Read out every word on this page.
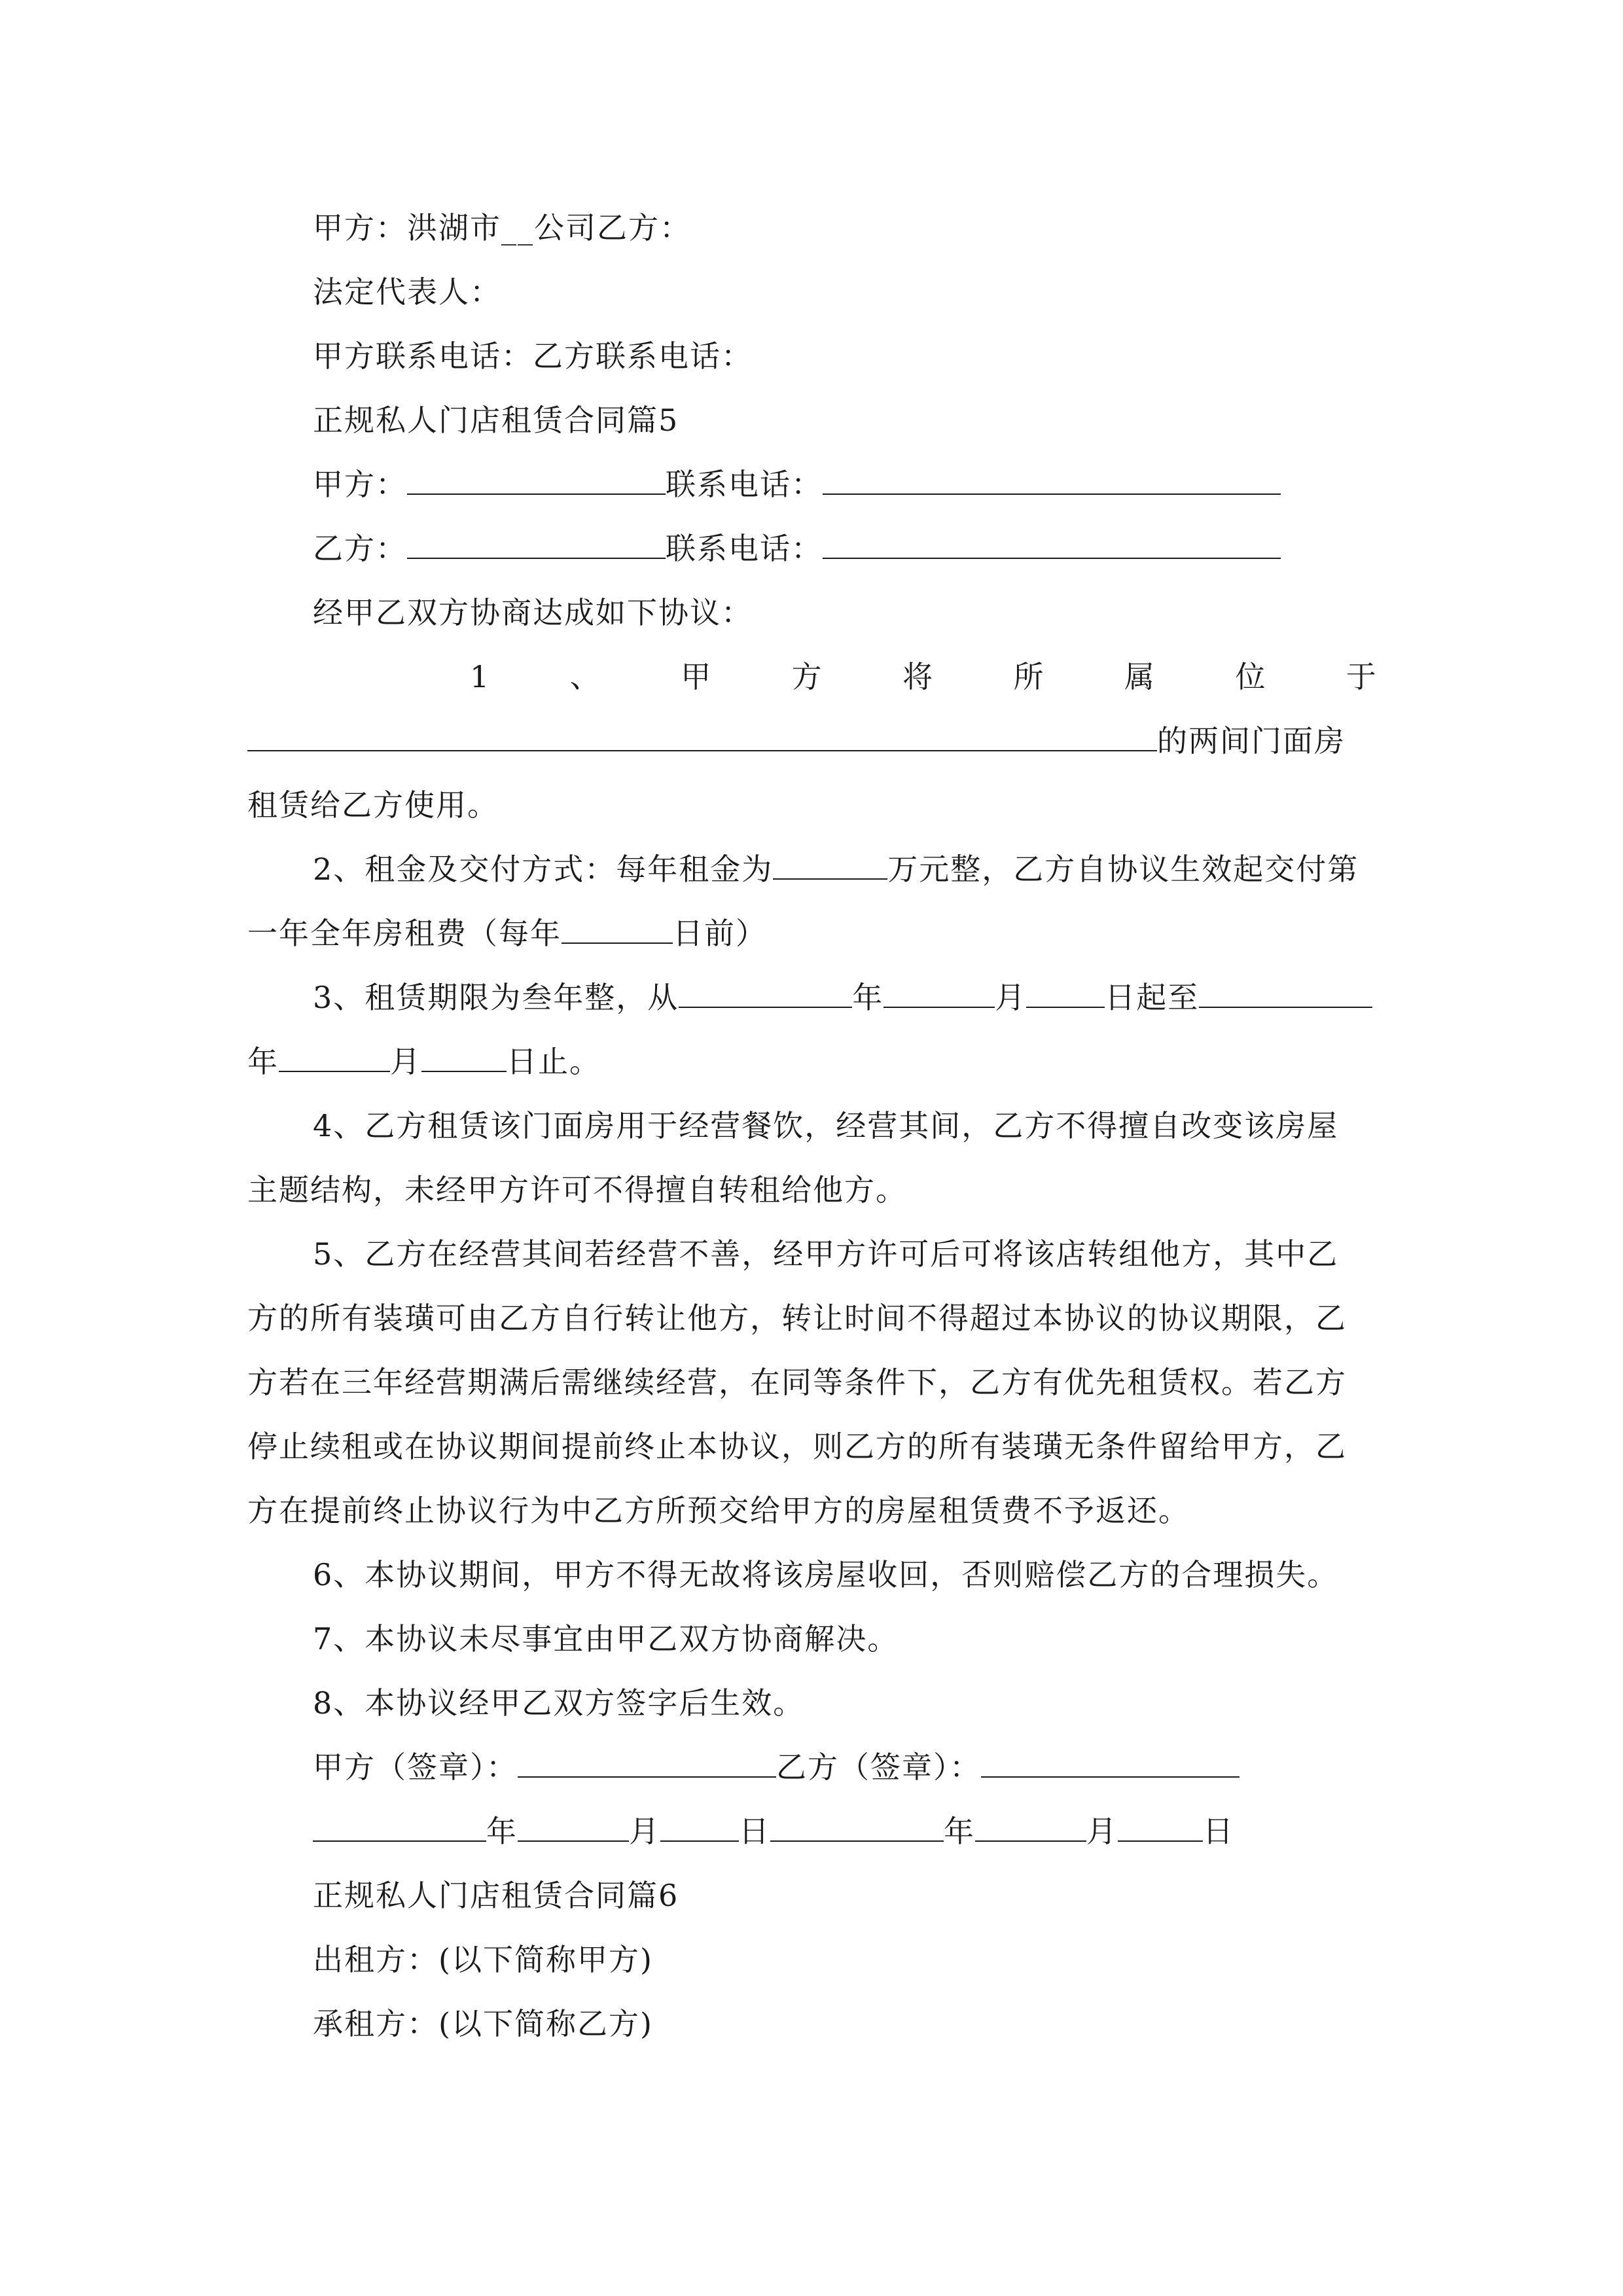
甲方：洪湖市__公司乙方：
法定代表人：
甲方联系电话：乙方联系电话：
正规私人门店租赁合同篇5
甲方：	联系电话：
乙方：	联系电话：
经甲乙双方协商达成如下协议：
1	、	甲	方	将	所	属	位	于
的两间门面房
租赁给乙方使用。
2、租金及交付方式：每年租金为	万元整，乙方自协议生效起交付第
一年全年房租费（每年	日前）
3、租赁期限为叁年整，从	年	月	日起至
年	月	日止。
4、乙方租赁该门面房用于经营餐饮，经营其间，乙方不得擅自改变该房屋
主题结构，未经甲方许可不得擅自转租给他方。
5、乙方在经营其间若经营不善，经甲方许可后可将该店转组他方，其中乙
方的所有装璜可由乙方自行转让他方，转让时间不得超过本协议的协议期限，乙
方若在三年经营期满后需继续经营，在同等条件下，乙方有优先租赁权。若乙方
停止续租或在协议期间提前终止本协议，则乙方的所有装璜无条件留给甲方，乙
方在提前终止协议行为中乙方所预交给甲方的房屋租赁费不予返还。
6、本协议期间，甲方不得无故将该房屋收回，否则赔偿乙方的合理损失。
7、本协议未尽事宜由甲乙双方协商解决。
8、本协议经甲乙双方签字后生效。
甲方（签章）：	乙方（签章）：
年	月	日	年	月	日
正规私人门店租赁合同篇6
出租方：(以下简称甲方)
承租方：(以下简称乙方)
